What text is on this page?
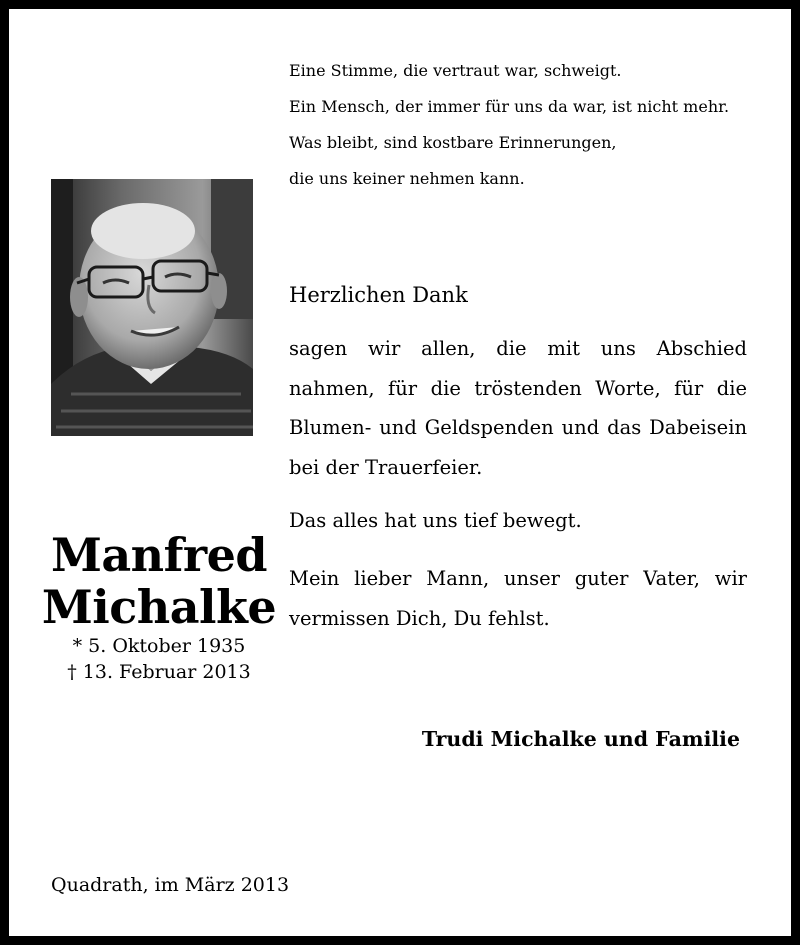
Eine Stimme, die vertraut war, schweigt.
Ein Mensch, der immer für uns da war, ist nicht mehr.
Was bleibt, sind kostbare Erinnerungen,
die uns keiner nehmen kann.
Manfred
Michalke
* 5. Oktober 1935
† 13. Februar 2013
Herzlichen Dank
sagen wir allen, die mit uns Abschied nahmen, für die tröstenden Worte, für die Blumen- und Geldspenden und das Dabeisein bei der Trauerfeier.
Das alles hat uns tief bewegt.
Mein lieber Mann, unser guter Vater, wir vermissen Dich, Du fehlst.
Trudi Michalke und Familie
Quadrath, im März 2013
